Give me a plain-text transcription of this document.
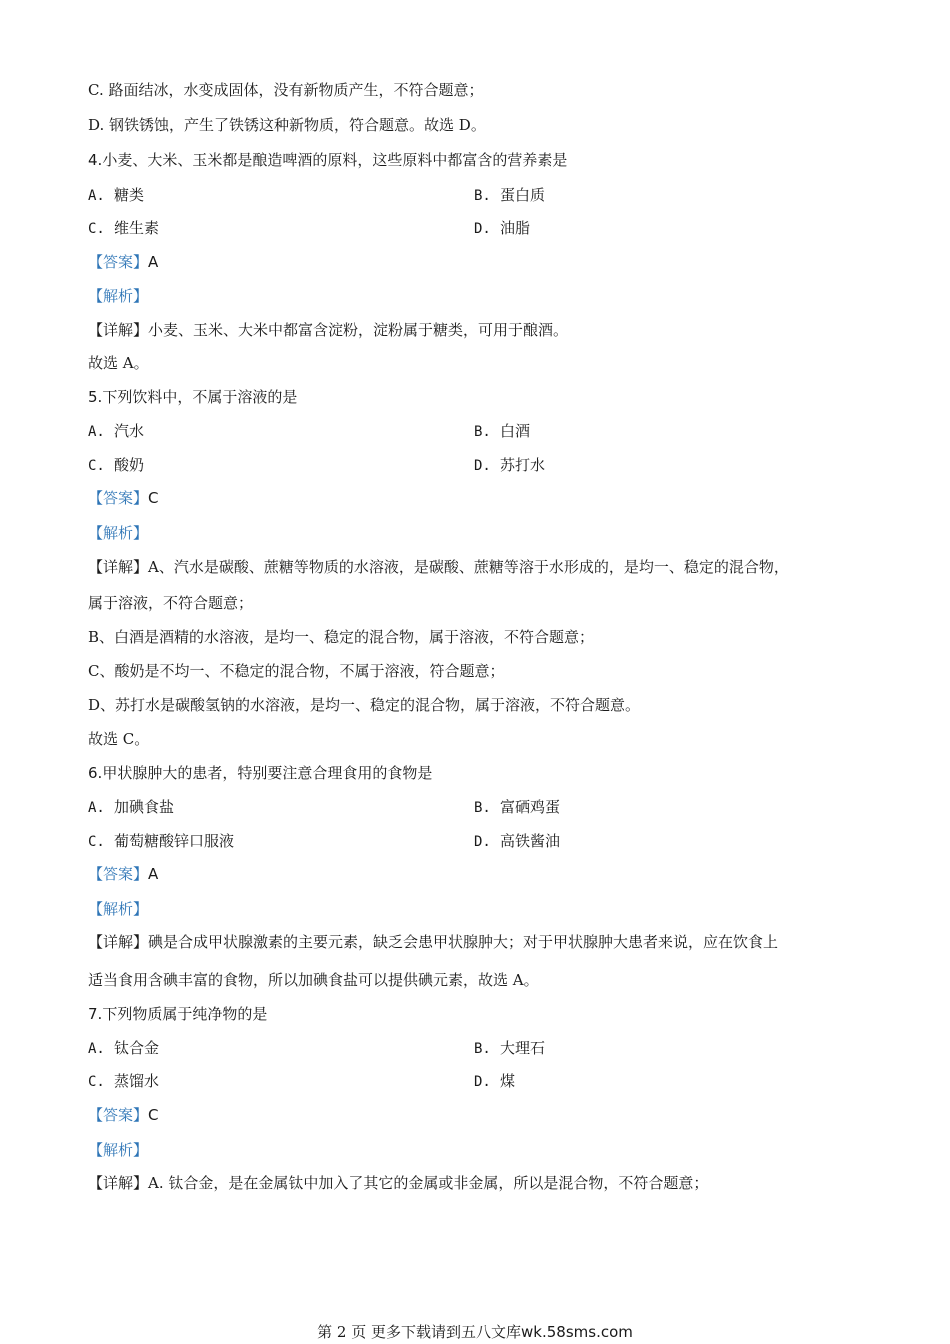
C. 路面结冰，水变成固体，没有新物质产生，不符合题意；
D. 钢铁锈蚀，产生了铁锈这种新物质，符合题意。故选 D。
4.小麦、大米、玉米都是酿造啤酒的原料，这些原料中都富含的营养素是
A. 糖类	B. 蛋白质
C. 维生素	D. 油脂
【答案】A
【解析】
【详解】小麦、玉米、大米中都富含淀粉，淀粉属于糖类，可用于酿酒。
故选 A。
5.下列饮料中，不属于溶液的是
A. 汽水	B. 白酒
C. 酸奶	D. 苏打水
【答案】C
【解析】
【详解】A、汽水是碳酸、蔗糖等物质的水溶液，是碳酸、蔗糖等溶于水形成的，是均一、稳定的混合物，
属于溶液，不符合题意；
B、白酒是酒精的水溶液，是均一、稳定的混合物，属于溶液，不符合题意；
C、酸奶是不均一、不稳定的混合物，不属于溶液，符合题意；
D、苏打水是碳酸氢钠的水溶液，是均一、稳定的混合物，属于溶液，不符合题意。
故选 C。
6.甲状腺肿大的患者，特别要注意合理食用的食物是
A. 加碘食盐	B. 富硒鸡蛋
C. 葡萄糖酸锌口服液	D. 高铁酱油
【答案】A
【解析】
【详解】碘是合成甲状腺激素的主要元素，缺乏会患甲状腺肿大；对于甲状腺肿大患者来说，应在饮食上
适当食用含碘丰富的食物，所以加碘食盐可以提供碘元素，故选 A。
7.下列物质属于纯净物的是
A. 钛合金	B. 大理石
C. 蒸馏水	D. 煤
【答案】C
【解析】
【详解】A. 钛合金，是在金属钛中加入了其它的金属或非金属，所以是混合物，不符合题意；
第 2 页 更多下载请到五八文库wk.58sms.com
